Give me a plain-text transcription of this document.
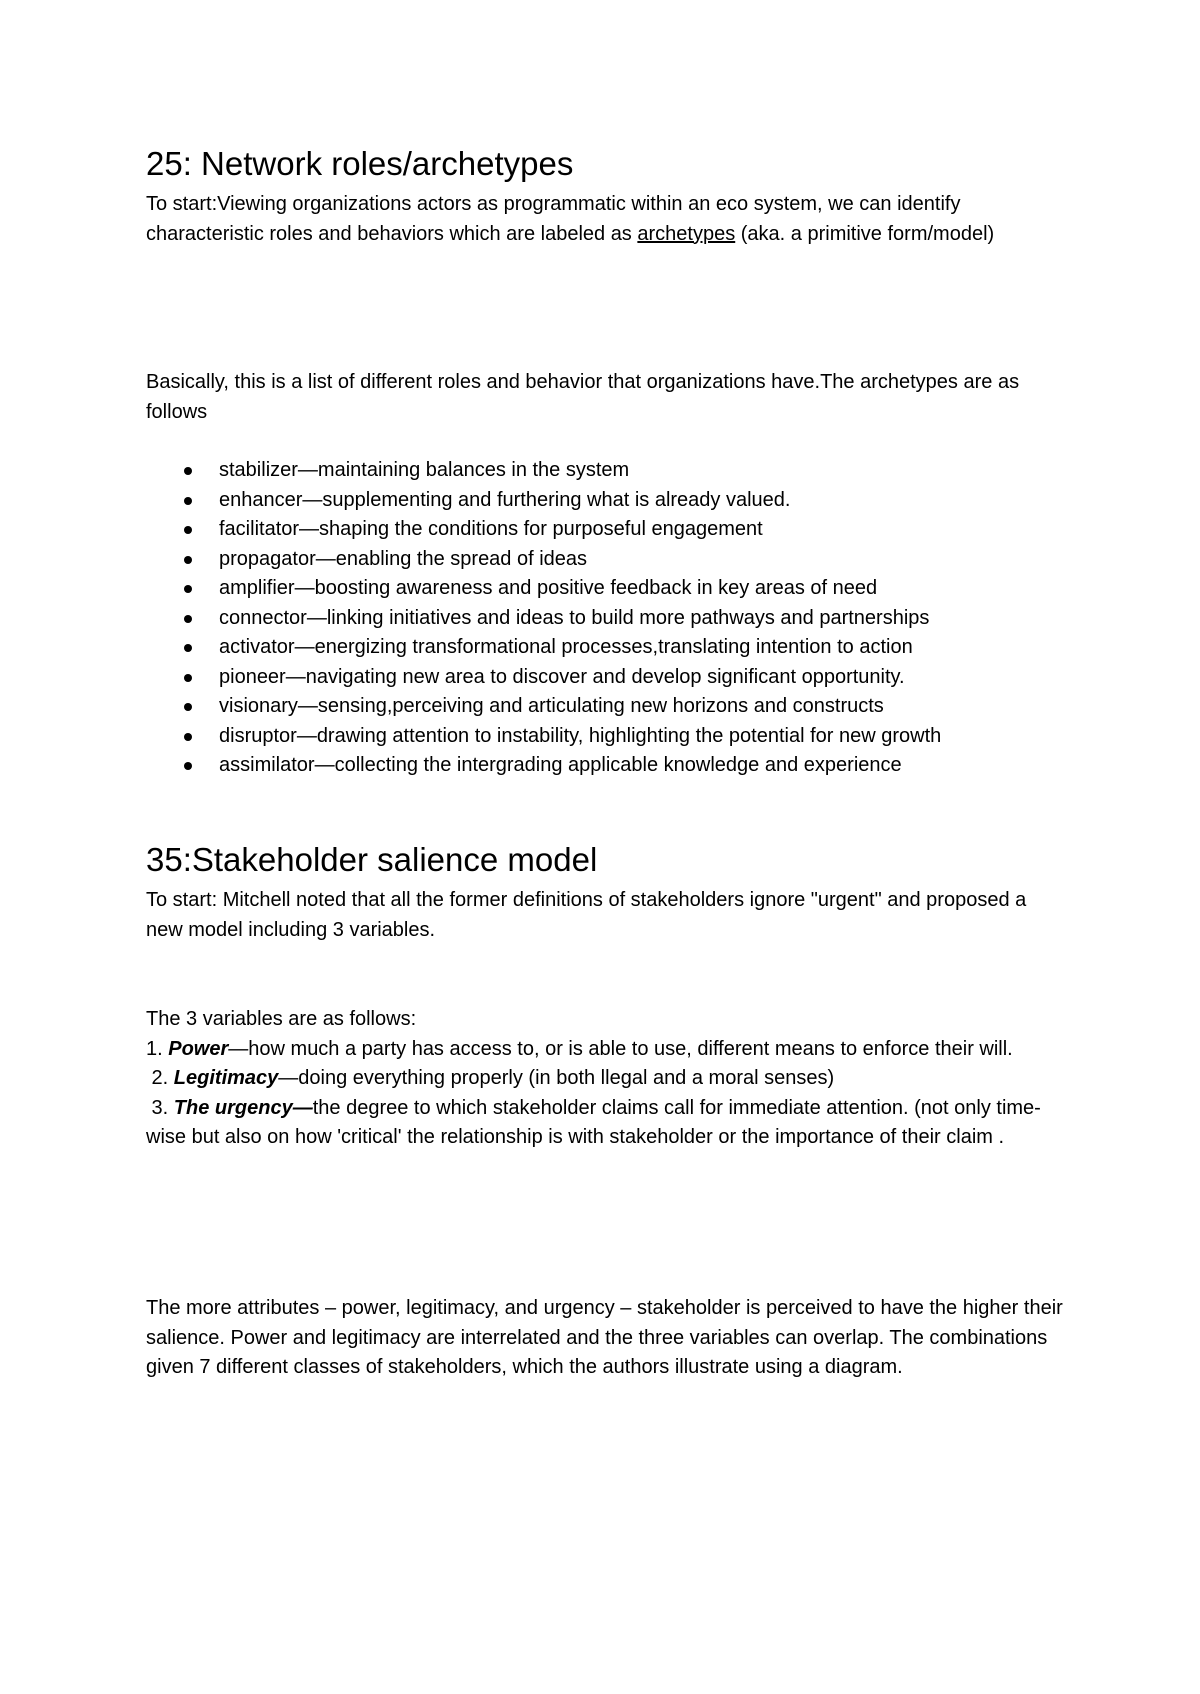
25: Network roles/archetypes

To start:Viewing organizations actors as programmatic within an eco system, we can identify characteristic roles and behaviors which are labeled as archetypes (aka. a primitive form/model)

Basically, this is a list of different roles and behavior that organizations have.The archetypes are as follows

stabilizer—maintaining balances in the system
enhancer—supplementing and furthering what is already valued.
facilitator—shaping the conditions for purposeful engagement
propagator—enabling the spread of ideas
amplifier—boosting awareness and positive feedback in key areas of need
connector—linking initiatives and ideas to build more pathways and partnerships
activator—energizing transformational processes,translating intention to action
pioneer—navigating new area to discover and develop significant opportunity.
visionary—sensing,perceiving and articulating new horizons and constructs
disruptor—drawing attention to instability, highlighting the potential for new growth
assimilator—collecting the intergrading applicable knowledge and experience
35:Stakeholder salience model

To start: Mitchell noted that all the former definitions of stakeholders ignore "urgent" and proposed a new model including 3 variables.

The 3 variables are as follows:

1. Power—how much a party has access to, or is able to use, different means to enforce their will.

2. Legitimacy—doing everything properly (in both llegal and a moral senses)

3. The urgency—the degree to which stakeholder claims call for immediate attention. (not only time-wise but also on how 'critical' the relationship is with stakeholder or the importance of their claim .

The more attributes – power, legitimacy, and urgency – stakeholder is perceived to have the higher their salience. Power and legitimacy are interrelated and the three variables can overlap. The combinations given 7 different classes of stakeholders, which the authors illustrate using a diagram.
